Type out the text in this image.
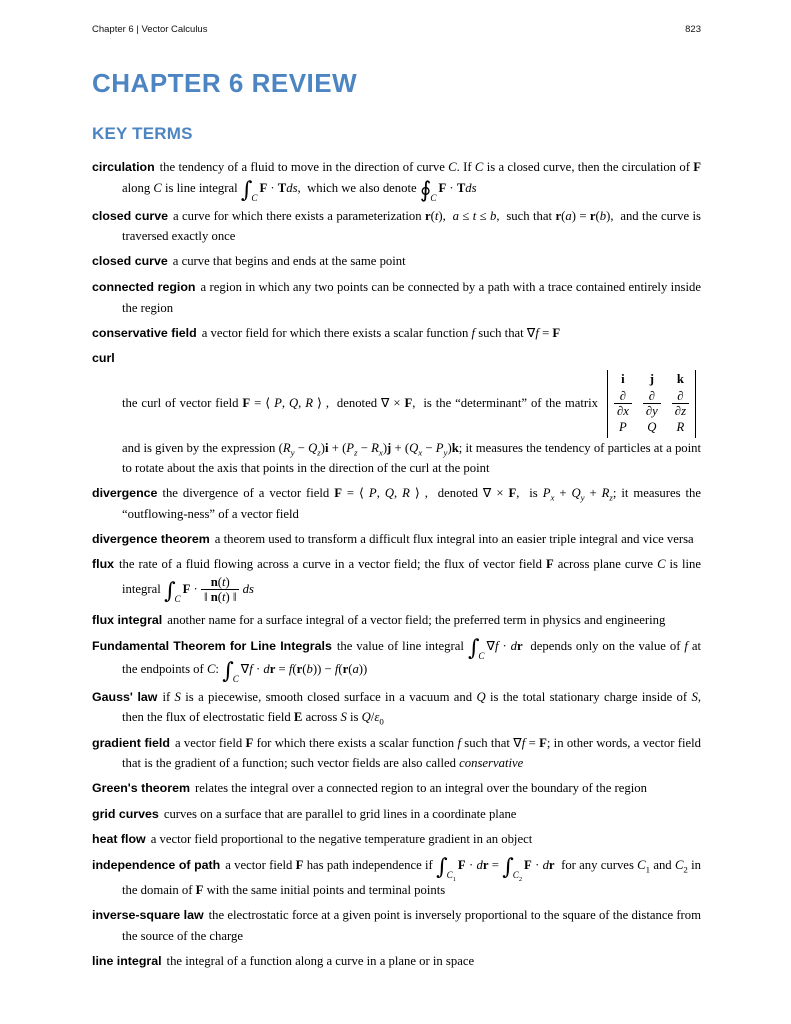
Chapter 6 | Vector Calculus	823
CHAPTER 6 REVIEW
KEY TERMS
circulation the tendency of a fluid to move in the direction of curve C. If C is a closed curve, then the circulation of F along C is line integral $\int_CF$ · Tds,  which we also denote $∮_CF$ · Tds
closed curve a curve for which there exists a parameterization r(t),  a ≤ t ≤ b,  such that r(a) = r(b),  and the curve is traversed exactly once
closed curve a curve that begins and ends at the same point
connected region a region in which any two points can be connected by a path with a trace contained entirely inside the region
conservative field a vector field for which there exists a scalar function f such that ∇f = F
curl
the curl of vector field F = ⟨ P, Q, R ⟩ ,  denoted ∇ × F,  is the “determinant” of the matrix
i j k
∂
∂x
∂
∂y
∂
∂z
P Q R
and is given by the expression $(R_y - Q_z)i + (P_z - R_x)j + (Q_x - P_y)k$; it measures the tendency of particles at a point to rotate about the axis that points in the direction of the curl at the point
divergence the divergence of a vector field F = ⟨ P, Q, R ⟩ ,  denoted ∇ × F,  is $P_x + Q_y + R_z$; it measures the “outflowing-ness” of a vector field
divergence theorem a theorem used to transform a difficult flux integral into an easier triple integral and vice versa
flux the rate of a fluid flowing across a curve in a vector field; the flux of vector field F across plane curve C is line integral $\int_CF \cdot \frac{n(t)}{‖ n(t) ‖}$ ds
flux integral another name for a surface integral of a vector field; the preferred term in physics and engineering
Fundamental Theorem for Line Integrals the value of line integral $\int_C\nabla f$ · dr  depends only on the value of f at the endpoints of C: $\int_C\nabla f$ · dr = f(r(b)) − f(r(a))
Gauss' law if S is a piecewise, smooth closed surface in a vacuum and Q is the total stationary charge inside of S, then the flux of electrostatic field E across S is $Q/\varepsilon_0$
gradient field a vector field F for which there exists a scalar function f such that ∇f = F; in other words, a vector field that is the gradient of a function; such vector fields are also called conservative
Green's theorem relates the integral over a connected region to an integral over the boundary of the region
grid curves curves on a surface that are parallel to grid lines in a coordinate plane
heat flow a vector field proportional to the negative temperature gradient in an object
independence of path a vector field F has path independence if $\int_{C_1}F$ · dr = $\int_{C_2}F$ · dr  for any curves $C_1$ and $C_2$ in the domain of F with the same initial points and terminal points
inverse-square law the electrostatic force at a given point is inversely proportional to the square of the distance from the source of the charge
line integral the integral of a function along a curve in a plane or in space
